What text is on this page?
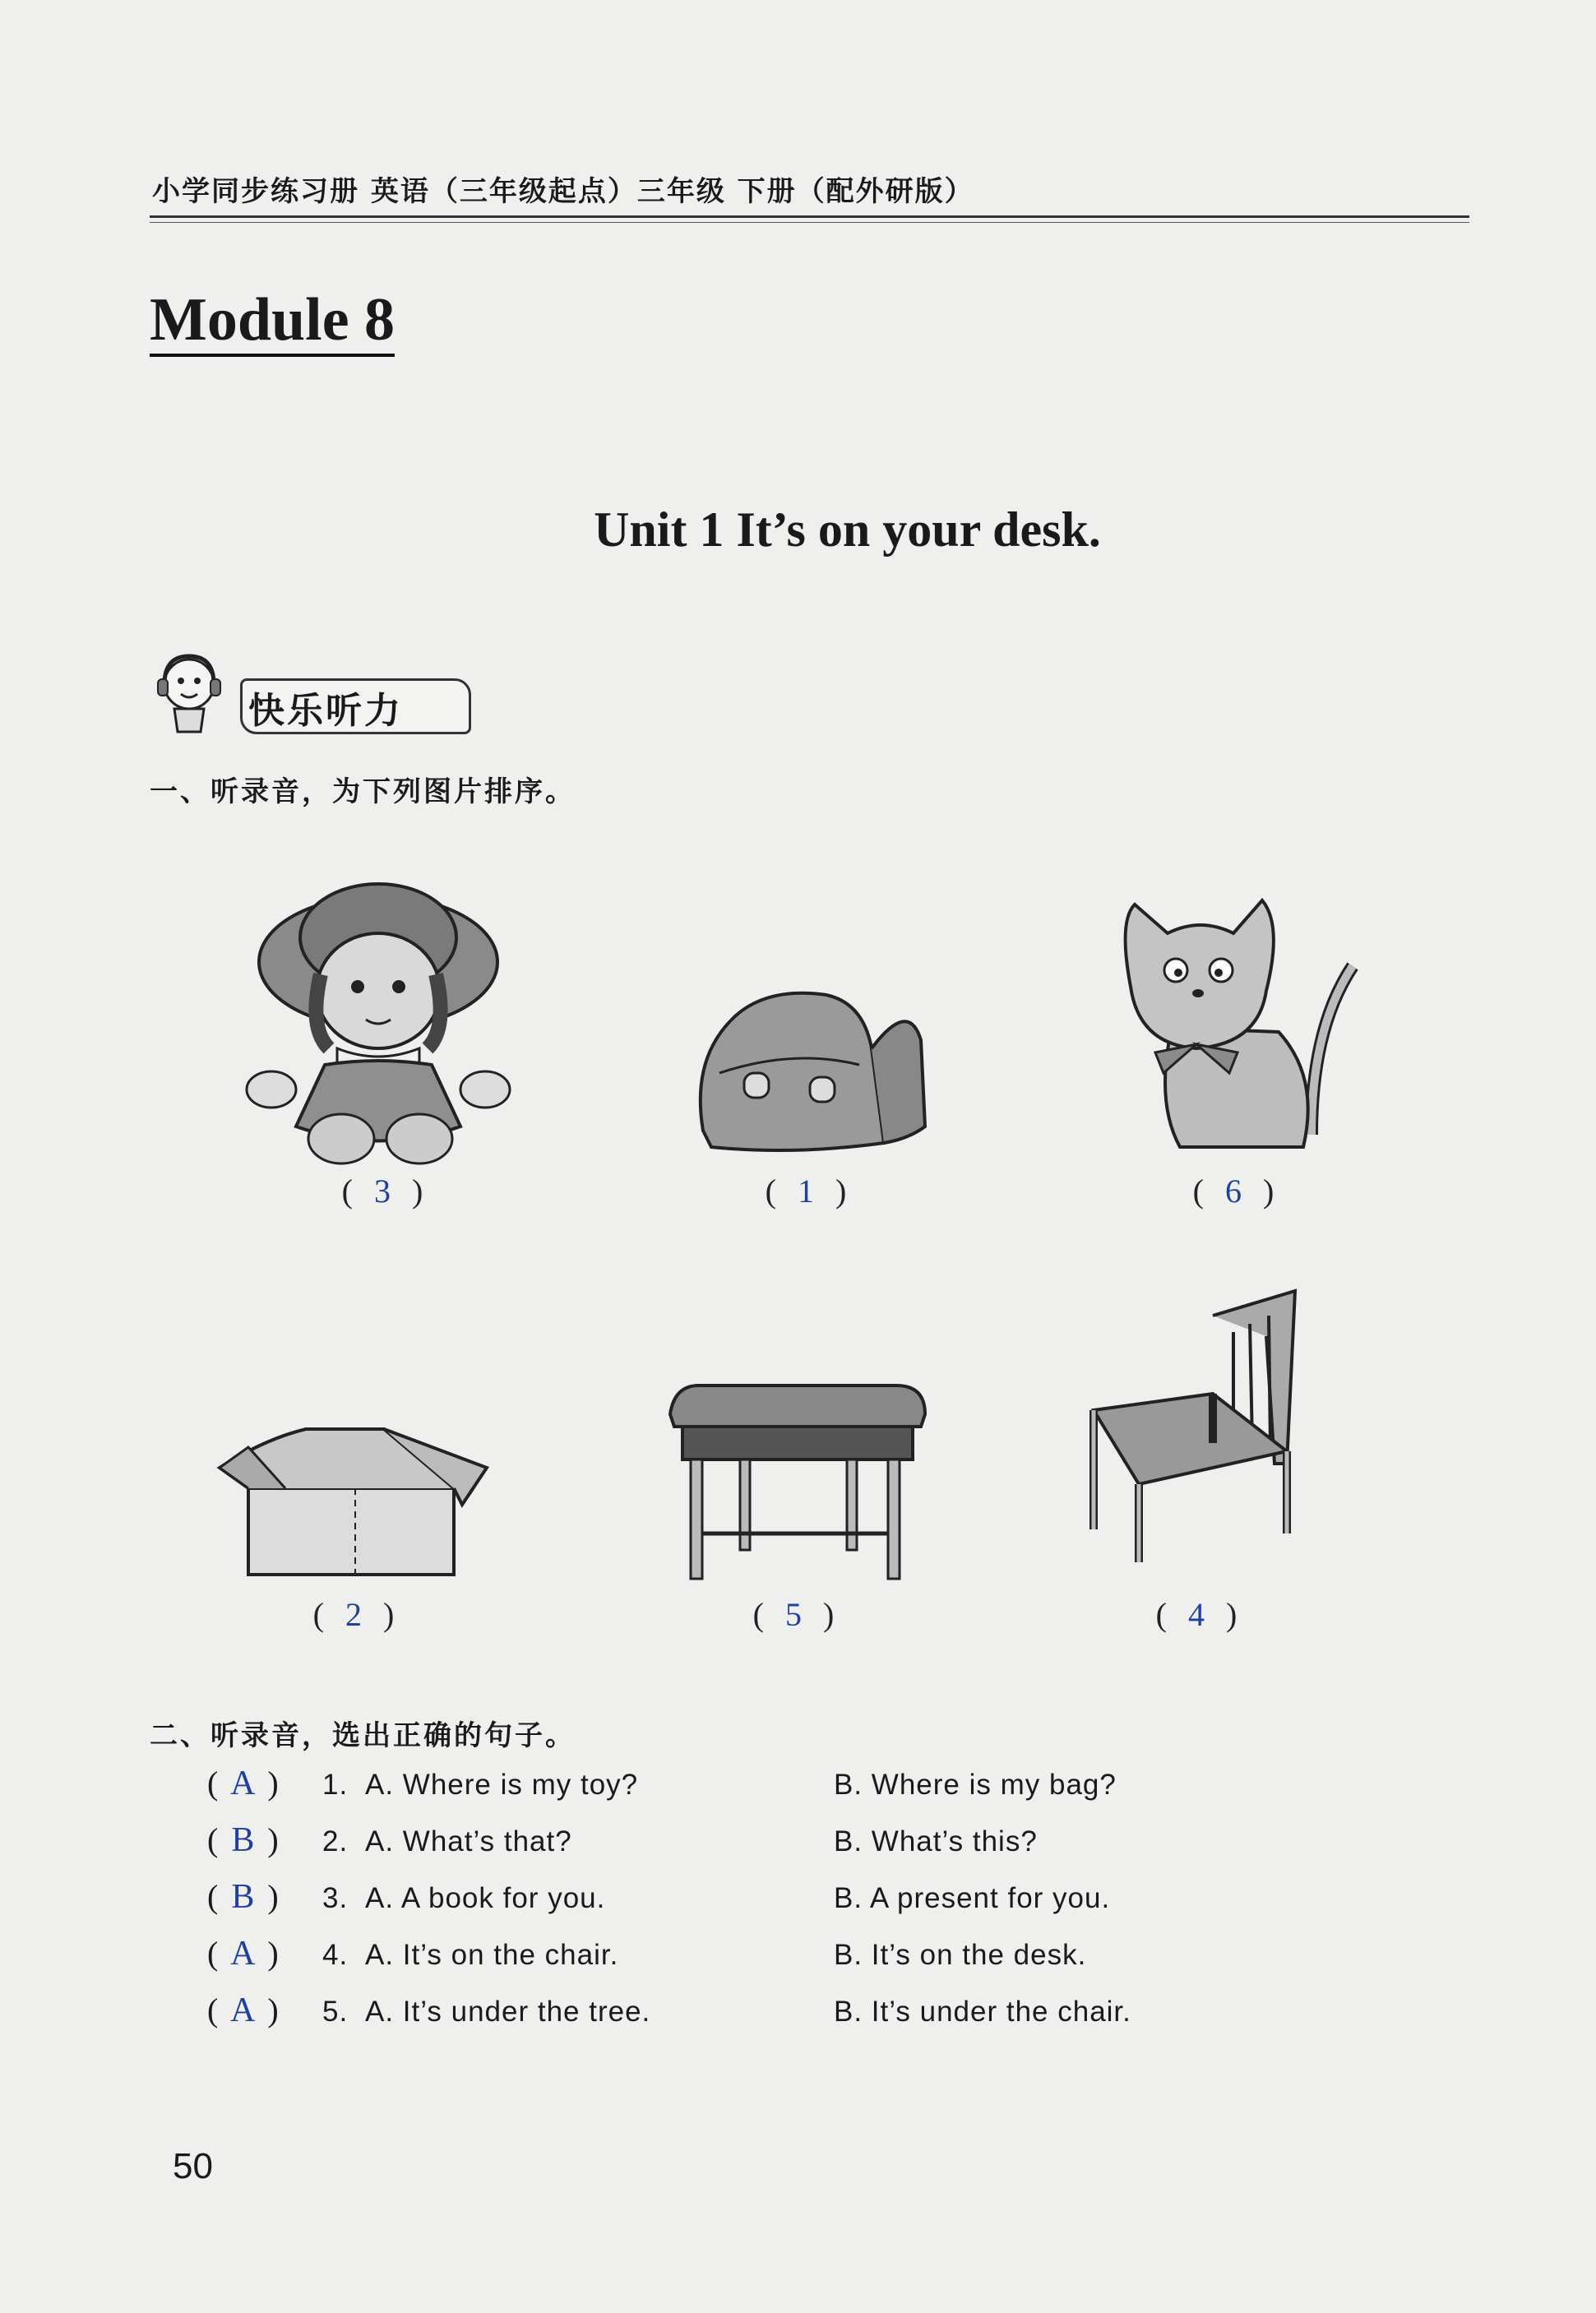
小学同步练习册 英语（三年级起点）三年级 下册（配外研版）
Module 8
Unit 1 It’s on your desk.
快乐听力
一、听录音，为下列图片排序。
( 3 )	( 1 )	( 6 )
( 2 )	( 5 )	( 4 )
二、听录音，选出正确的句子。
( A ) 1. A. Where is my toy?	B. Where is my bag?
( B ) 2. A. What’s that?	B. What’s this?
( B ) 3. A. A book for you.	B. A present for you.
( A ) 4. A. It’s on the chair.	B. It’s on the desk.
( A ) 5. A. It’s under the tree.	B. It’s under the chair.
50
